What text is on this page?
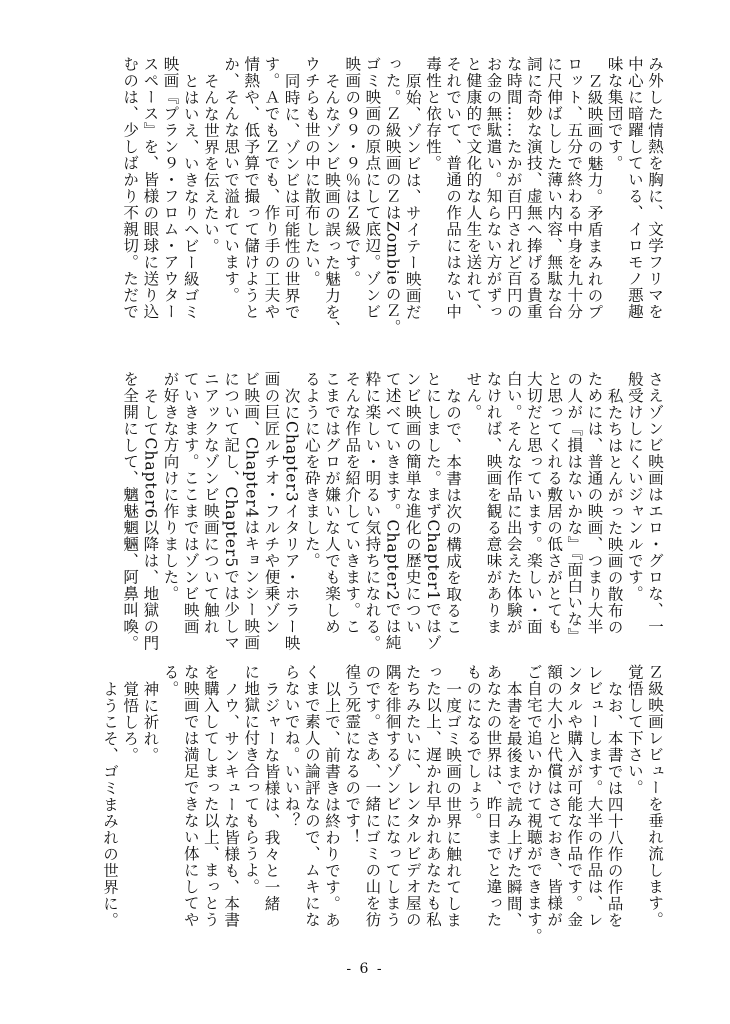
み外した情熱を胸に、文学フリマを
中心に暗躍している、イロモノ悪趣
味な集団です。
Ｚ級映画の魅力。矛盾まみれのプ
ロット、五分で終わる中身を九十分
に尺伸ばしした薄い内容、無駄な台
詞に奇妙な演技、虚無へ捧げる貴重
な時間……たかが百円されど百円の
お金の無駄遣い。知らない方がずっ
と健康的で文化的な人生を送れて、
それでいて、普通の作品にはない中
毒性と依存性。
原始、ゾンビは、サイテー映画だ
った。Ｚ級映画のＺはZombieのＺ。
ゴミ映画の原点にして底辺。ゾンビ
映画の９９・９％はＺ級です。
そんなゾンビ映画の誤った魅力を、
ウチらも世の中に散布したい。
同時に、ゾンビは可能性の世界で
す。ＡでもＺでも、作り手の工夫や
情熱や、低予算で撮って儲けようと
か、そんな思いで溢れています。
そんな世界を伝えたい。
とはいえ、いきなりヘビー級ゴミ
映画『プラン９・フロム・アウター
スペース』を、皆様の眼球に送り込
むのは、少しばかり不親切。ただで
さえゾンビ映画はエロ・グロな、一
般受けしにくいジャンルです。
私たちはとんがった映画の散布の
ためには、普通の映画、つまり大半
の人が『損はないかな』『面白いな』
と思ってくれる敷居の低さがとても
大切だと思っています。楽しい・面
白い。そんな作品に出会えた体験が
なければ、映画を観る意味がありま
せん。
なので、本書は次の構成を取るこ
とにしました。まずChapter1ではゾ
ンビ映画の簡単な進化の歴史につい
て述べていきます。Chapter2では純
粋に楽しい・明るい気持ちになれる。
そんな作品を紹介していきます。こ
こまではグロが嫌いな人でも楽しめ
るように心を砕きました。
次にChapter3イタリア・ホラー映
画の巨匠ルチオ・フルチや便乗ゾン
ビ映画、Chapter4はキョンシー映画
について記し、Chapter5では少しマ
ニアックなゾンビ映画について触れ
ていきます。ここまではゾンビ映画
が好きな方向けに作りました。
そしてChapter6以降は、地獄の門
を全開にして、魑魅魍魎、阿鼻叫喚。
Ｚ級映画レビューを垂れ流します。
覚悟して下さい。
なお、本書では四十八作の作品を
レビューします。大半の作品は、レ
ンタルや購入が可能な作品です。金
額の大小と代償はさておき、皆様が
ご自宅で追いかけて視聴ができます。
本書を最後まで読み上げた瞬間、
あなたの世界は、昨日までと違った
ものになるでしょう。
一度ゴミ映画の世界に触れてしま
った以上、遅かれ早かれあなたも私
たちみたいに、レンタルビデオ屋の
隅を徘徊するゾンビになってしまう
のです。さあ、一緒にゴミの山を彷
徨う死霊になるのです！
以上で、前書きは終わりです。あ
くまで素人の論評なので、ムキにな
らないでね。いいね？
ラジャーな皆様は、我々と一緒
に地獄に付き合ってもらうよ。
ノウ、サンキューな皆様も、本書
を購入してしまった以上、まっとう
な映画では満足できない体にしてや
る。
神に祈れ。
覚悟しろ。
ようこそ、ゴミまみれの世界に。
- 6 -
